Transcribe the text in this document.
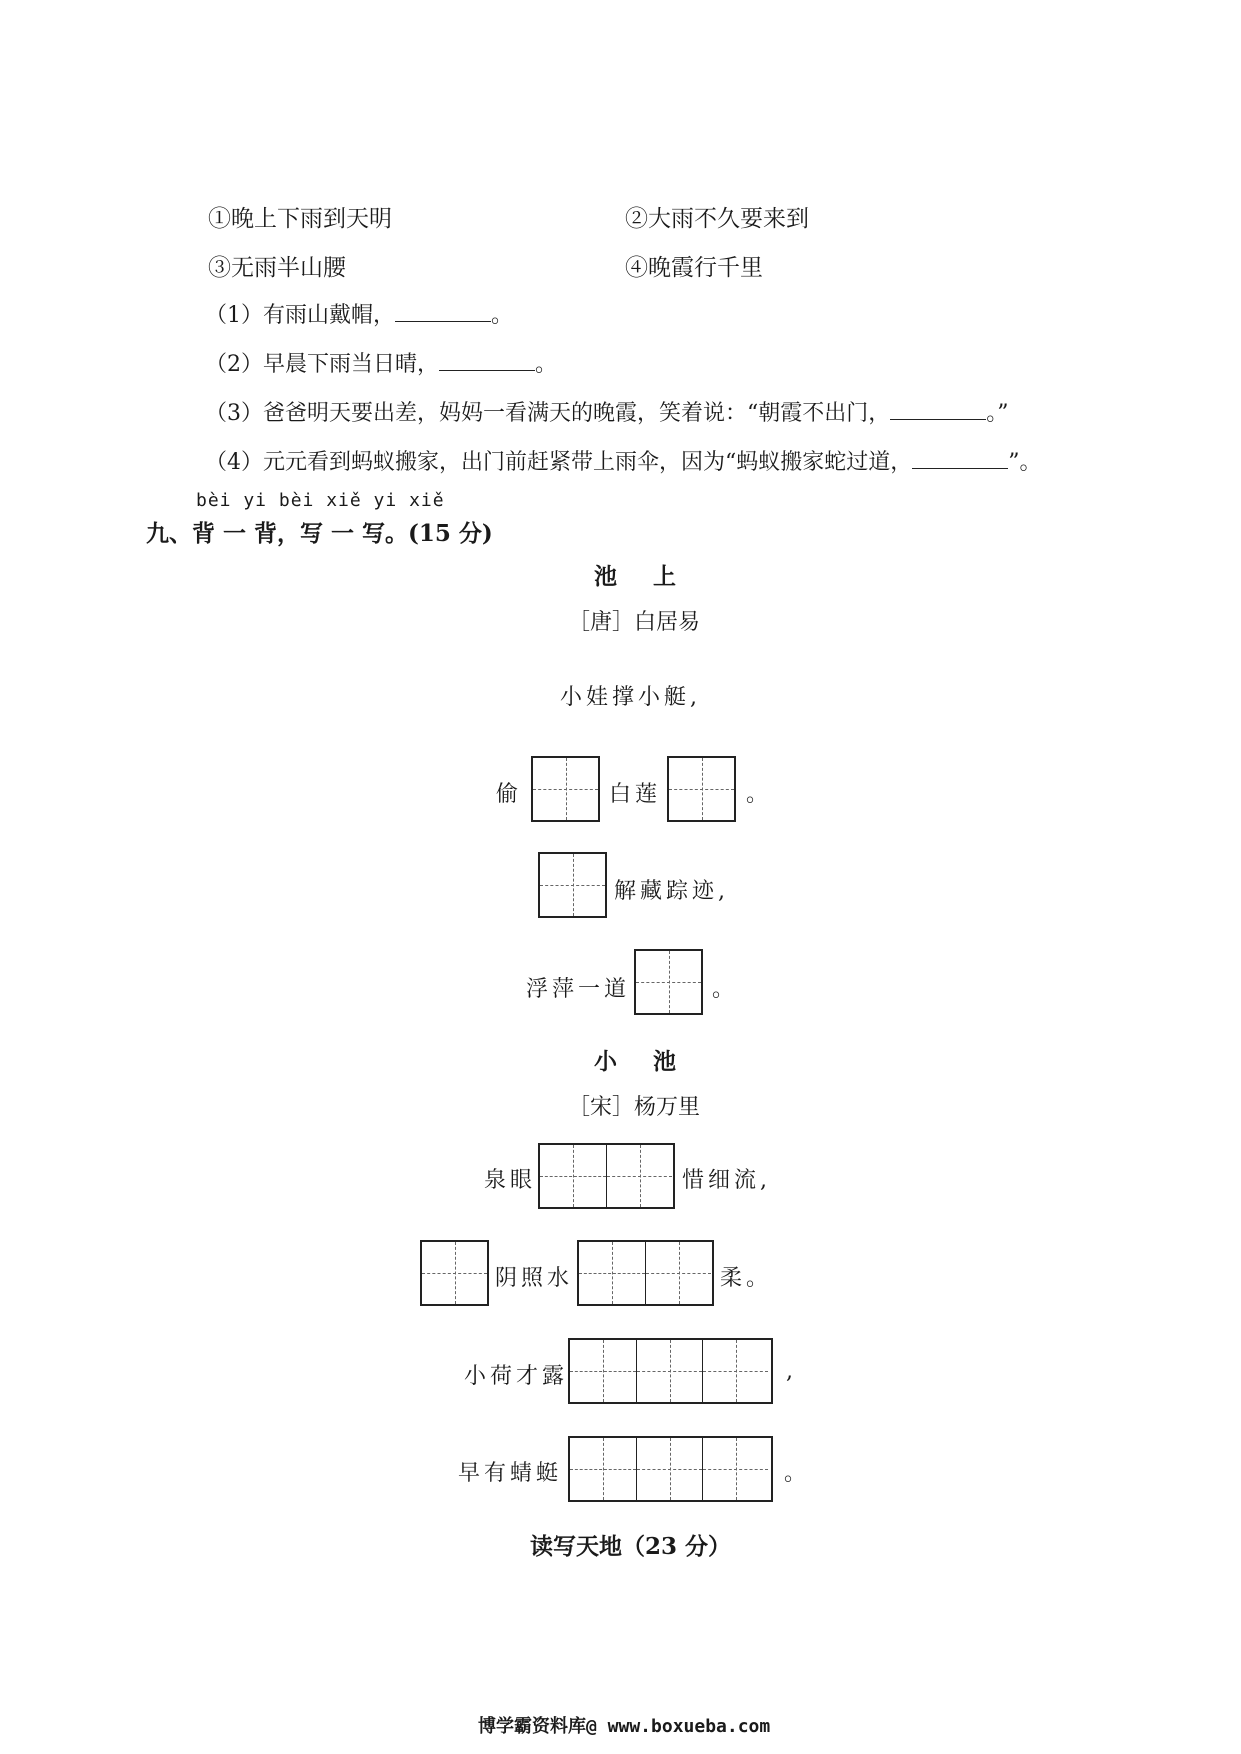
①晚上下雨到天明	②大雨不久要来到
③无雨半山腰	④晚霞行千里
（1）有雨山戴帽，	。
（2）早晨下雨当日晴，	。
（3）爸爸明天要出差，妈妈一看满天的晚霞，笑着说：“朝霞不出门，	。”
（4）元元看到蚂蚁搬家，出门前赶紧带上雨伞，因为“蚂蚁搬家蛇过道，	”。
bèi yi bèi xiě yi xiě
九、背 一 背，写 一 写。(15 分)
池 上
［唐］白居易
小娃撑小艇,
偷	白莲	。
解藏踪迹,
浮萍一道	。
小 池
［宋］杨万里
泉眼	惜细流,
阴照水	柔。
小荷才露	,
早有蜻蜓	。
读写天地（23 分）
博学霸资料库@ www.boxueba.com
